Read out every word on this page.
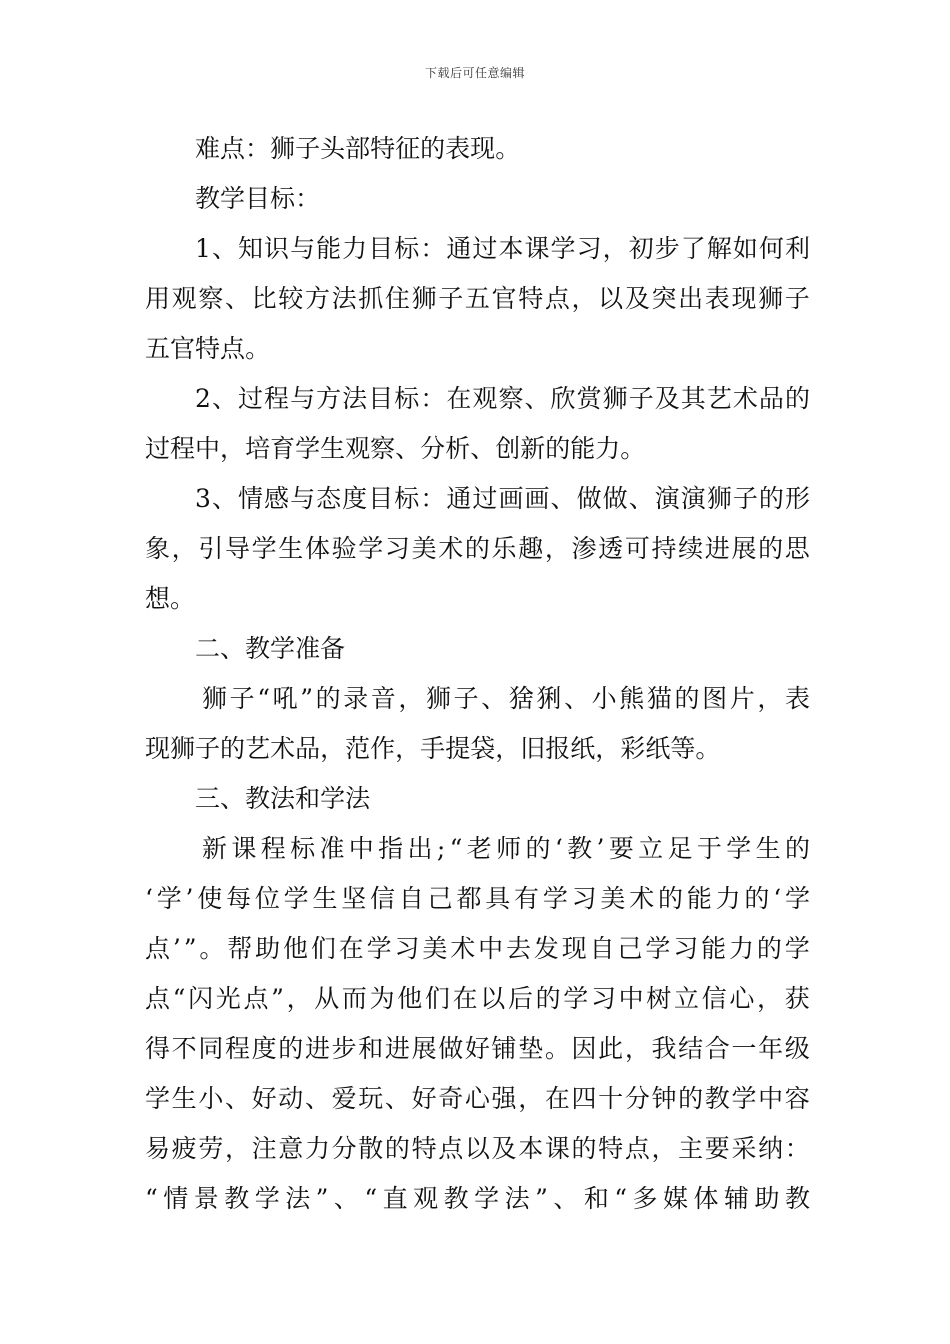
下载后可任意编辑
难 点 ： 狮 子 头 部 特 征 的 表 现 。
教 学 目 标 ：
1 、 知 识 与 能 力 目 标 ： 通 过 本 课 学 习 ， 初 步 了 解 如 何 利
用 观 察 、 比 较 方 法 抓 住 狮 子 五 官 特 点 ， 以 及 突 出 表 现 狮 子
五 官 特 点 。
2 、 过 程 与 方 法 目 标 ： 在 观 察 、 欣 赏 狮 子 及 其 艺 术 品 的
过 程 中 ， 培 育 学 生 观 察 、 分 析 、 创 新 的 能 力 。
3 、 情 感 与 态 度 目 标 ： 通 过 画 画 、 做 做 、 演 演 狮 子 的 形
象 ， 引 导 学 生 体 验 学 习 美 术 的 乐 趣 ， 渗 透 可 持 续 进 展 的 思
想 。
二 、 教 学 准 备
狮 子 “ 吼 ” 的 录 音 ， 狮 子 、 猞 猁 、 小 熊 猫 的 图 片 ， 表
现 狮 子 的 艺 术 品 ， 范 作 ， 手 提 袋 ， 旧 报 纸 ， 彩 纸 等 。
三 、 教 法 和 学 法
新 课 程 标 准 中 指 出 ; “ 老 师 的 ‘ 教 ’ 要 立 足 于 学 生 的
‘ 学 ’ 使 每 位 学 生 坚 信 自 己 都 具 有 学 习 美 术 的 能 力 的 ‘ 学
点 ’ ” 。 帮 助 他 们 在 学 习 美 术 中 去 发 现 自 己 学 习 能 力 的 学
点 “ 闪 光 点 ” ， 从 而 为 他 们 在 以 后 的 学 习 中 树 立 信 心 ， 获
得 不 同 程 度 的 进 步 和 进 展 做 好 铺 垫 。 因 此 ， 我 结 合 一 年 级
学 生 小 、 好 动 、 爱 玩 、 好 奇 心 强 ， 在 四 十 分 钟 的 教 学 中 容
易 疲 劳 ， 注 意 力 分 散 的 特 点 以 及 本 课 的 特 点 ， 主 要 采 纳 ：
“ 情 景 教 学 法 ” 、 “ 直 观 教 学 法 ” 、 和 “ 多 媒 体 辅 助 教
